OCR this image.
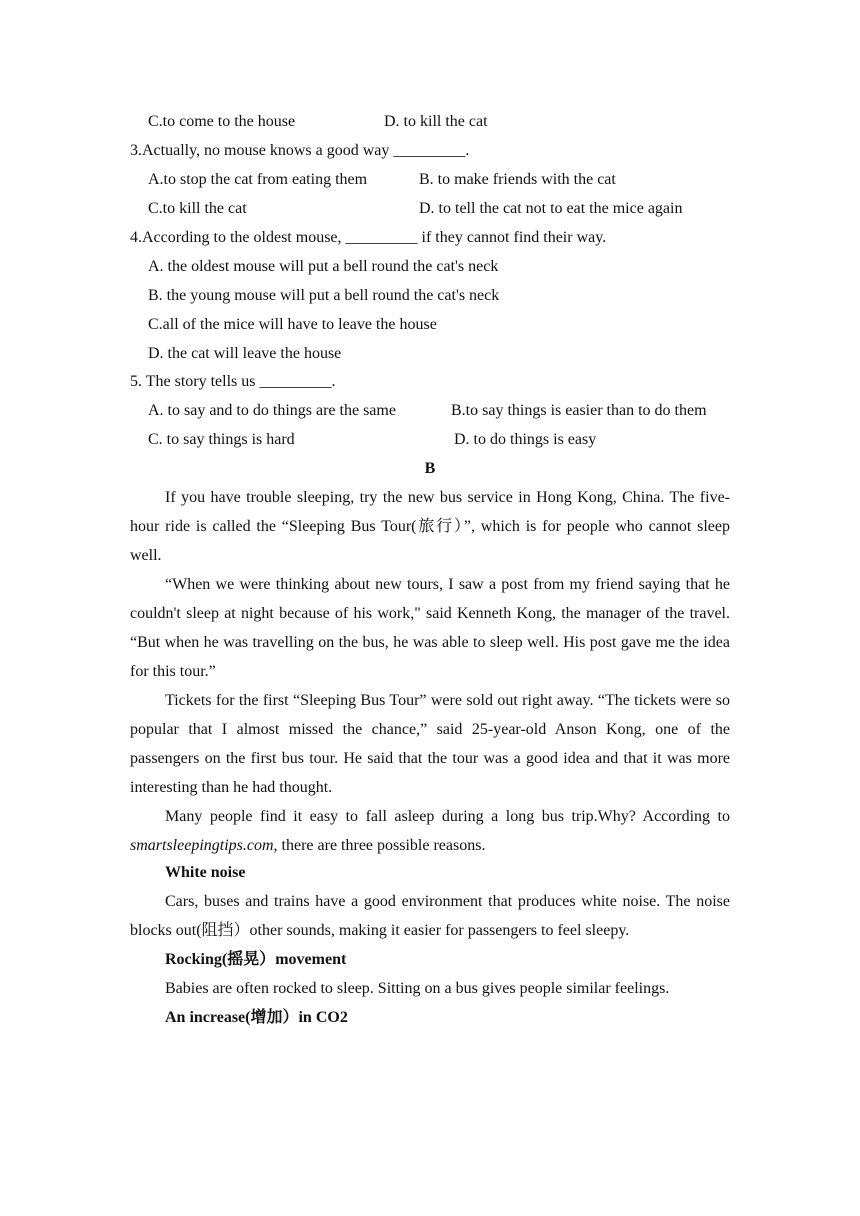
C.to come to the house	D. to kill the cat
3.Actually, no mouse knows a good way _________.
A.to stop the cat from eating them	B. to make friends with the cat
C.to kill the cat	D. to tell the cat not to eat the mice again
4.According to the oldest mouse, _________ if they cannot find their way.
A. the oldest mouse will put a bell round the cat's neck
B. the young mouse will put a bell round the cat's neck
C.all of the mice will have to leave the house
D. the cat will leave the house
5. The story tells us _________.
A. to say and to do things are the same	B.to say things is easier than to do them
C. to say things is hard	D. to do things is easy
B

If you have trouble sleeping, try the new bus service in Hong Kong, China. The five-hour ride is called the “Sleeping Bus Tour(旅行）”, which is for people who cannot sleep well.

“When we were thinking about new tours, I saw a post from my friend saying that he couldn't sleep at night because of his work," said Kenneth Kong, the manager of the travel. “But when he was travelling on the bus, he was able to sleep well. His post gave me the idea for this tour.”

Tickets for the first “Sleeping Bus Tour” were sold out right away. “The tickets were so popular that I almost missed the chance,” said 25-year-old Anson Kong, one of the passengers on the first bus tour. He said that the tour was a good idea and that it was more interesting than he had thought.

Many people find it easy to fall asleep during a long bus trip.Why? According to smartsleepingtips.com, there are three possible reasons.

White noise

Cars, buses and trains have a good environment that produces white noise. The noise blocks out(阻挡）other sounds, making it easier for passengers to feel sleepy.

Rocking(摇晃）movement

Babies are often rocked to sleep. Sitting on a bus gives people similar feelings.

An increase(增加）in CO2
